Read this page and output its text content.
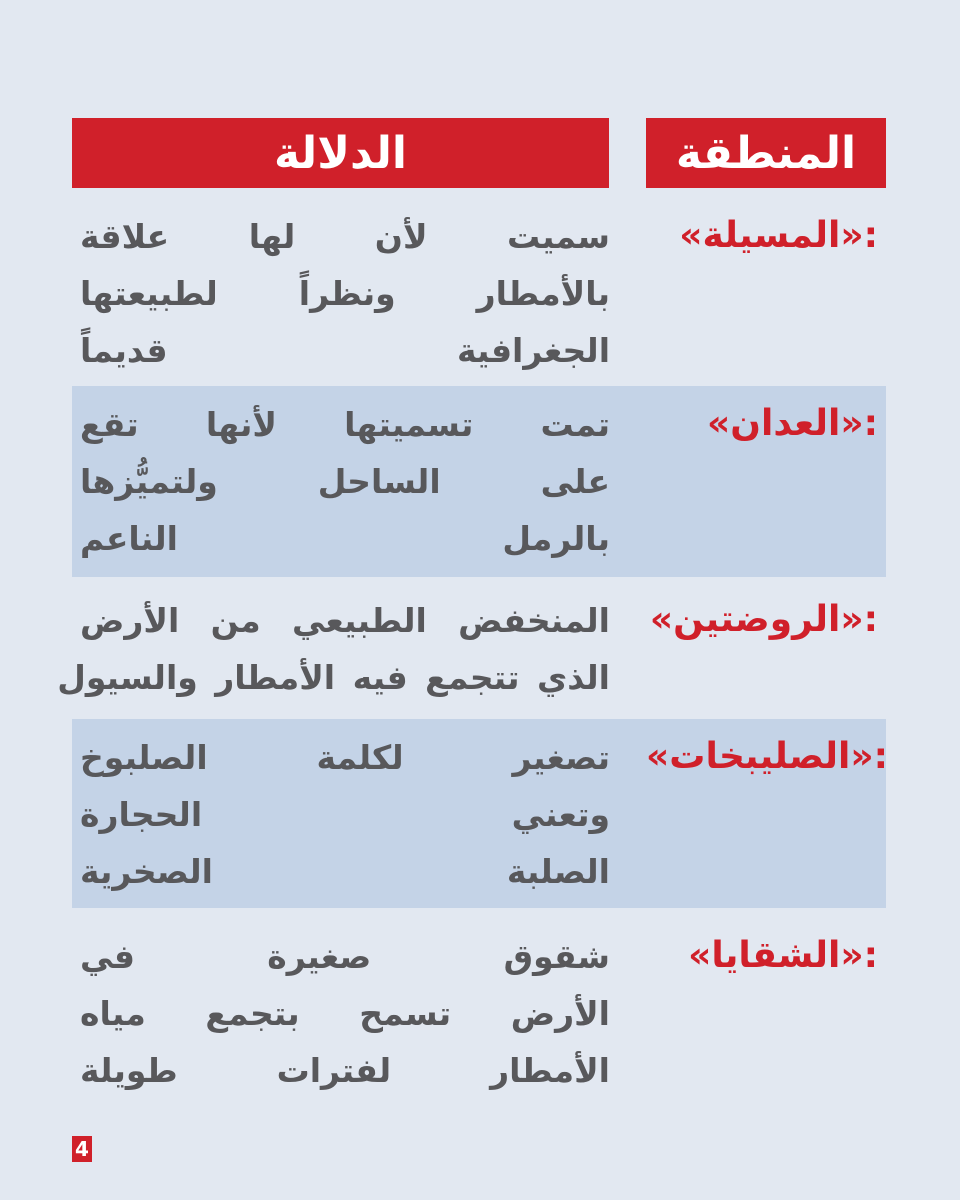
المنطقة
الدلالة
«المسيلة»:
سميت لأن لها علاقة
بالأمطار ونظراً لطبيعتها
الجغرافية قديماً
«العدان»:
تمت تسميتها لأنها تقع
على الساحل ولتميُّزها
بالرمل الناعم
«الروضتين»:
المنخفض الطبيعي من الأرض
الذي تتجمع فيه الأمطار والسيول
«الصليبخات»:
تصغير لكلمة الصلبوخ
وتعني الحجارة
الصلبة الصخرية
«الشقايا»:
شقوق صغيرة في
الأرض تسمح بتجمع مياه
الأمطار لفترات طويلة
4
